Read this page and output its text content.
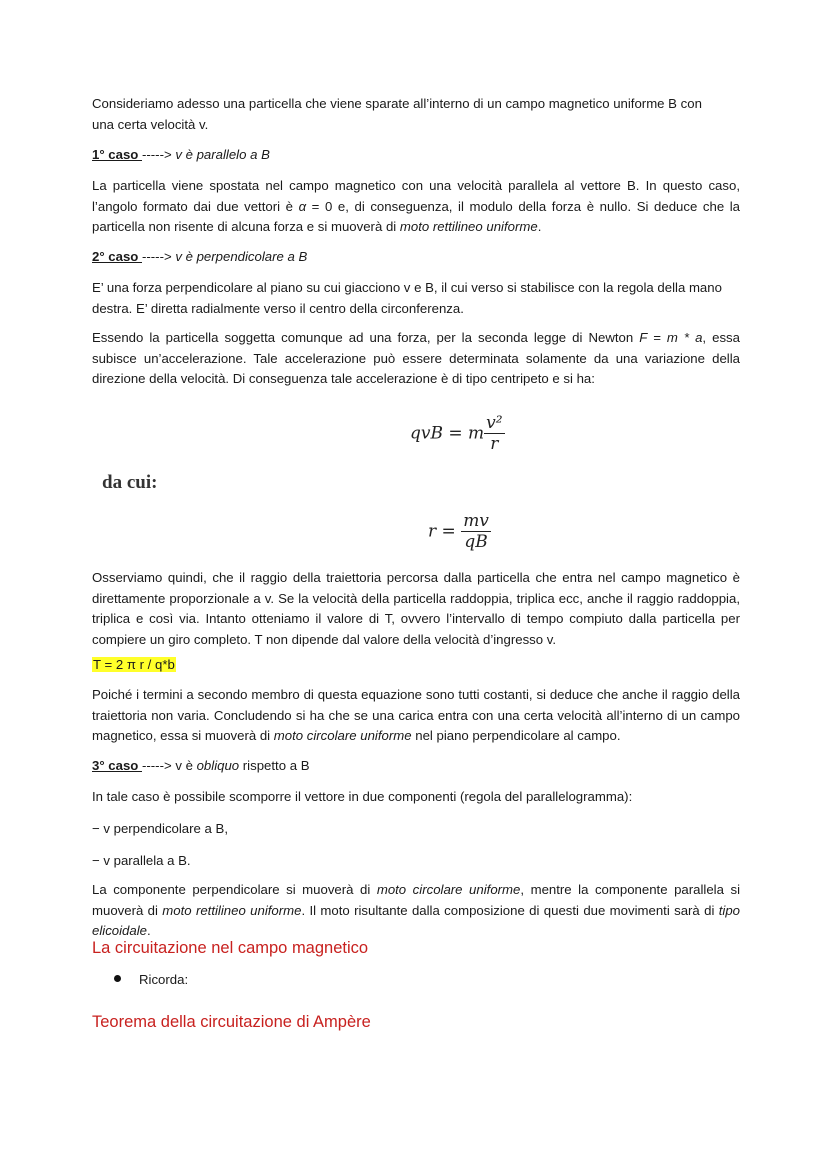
Consideriamo adesso una particella che viene sparate all’interno di un campo magnetico uniforme B con
una certa velocità v.

1° caso -----> v è parallelo a B

La particella viene spostata nel campo magnetico con una velocità parallela al vettore B. In questo caso, l’angolo formato dai due vettori è α = 0 e, di conseguenza, il modulo della forza è nullo. Si deduce che la particella non risente di alcuna forza e si muoverà di moto rettilineo uniforme.

2° caso -----> v è perpendicolare a B

E’ una forza perpendicolare al piano su cui giacciono v e B, il cui verso si stabilisce con la regola della mano destra. E’ diretta radialmente verso il centro della circonferenza.

Essendo la particella soggetta comunque ad una forza, per la seconda legge di Newton F = m * a, essa subisce un’accelerazione. Tale accelerazione può essere determinata solamente da una variazione della direzione della velocità. Di conseguenza tale accelerazione è di tipo centripeto e si ha:

qvB = m $\frac{\text{v²}}{r}$
da cui:
$r = \frac{mv}{qB}$

Osserviamo quindi, che il raggio della traiettoria percorsa dalla particella che entra nel campo magnetico è direttamente proporzionale a v. Se la velocità della particella raddoppia, triplica ecc, anche il raggio raddoppia, triplica e così via. Intanto otteniamo il valore di T, ovvero l’intervallo di tempo compiuto dalla particella per compiere un giro completo. T non dipende dal valore della velocità d’ingresso v.

T = 2 π r / q*b

Poiché i termini a secondo membro di questa equazione sono tutti costanti, si deduce che anche il raggio della traiettoria non varia. Concludendo si ha che se una carica entra con una certa velocità all’interno di un campo magnetico, essa si muoverà di moto circolare uniforme nel piano perpendicolare al campo.

3° caso -----> v è obliquo rispetto a B

In tale caso è possibile scomporre il vettore in due componenti (regola del parallelogramma):

− v perpendicolare a B,

− v parallela a B.

La componente perpendicolare si muoverà di moto circolare uniforme, mentre la componente parallela si muoverà di moto rettilineo uniforme. Il moto risultante dalla composizione di questi due movimenti sarà di tipo elicoidale.

La circuitazione nel campo magnetico
Ricorda:
Teorema della circuitazione di Ampère
